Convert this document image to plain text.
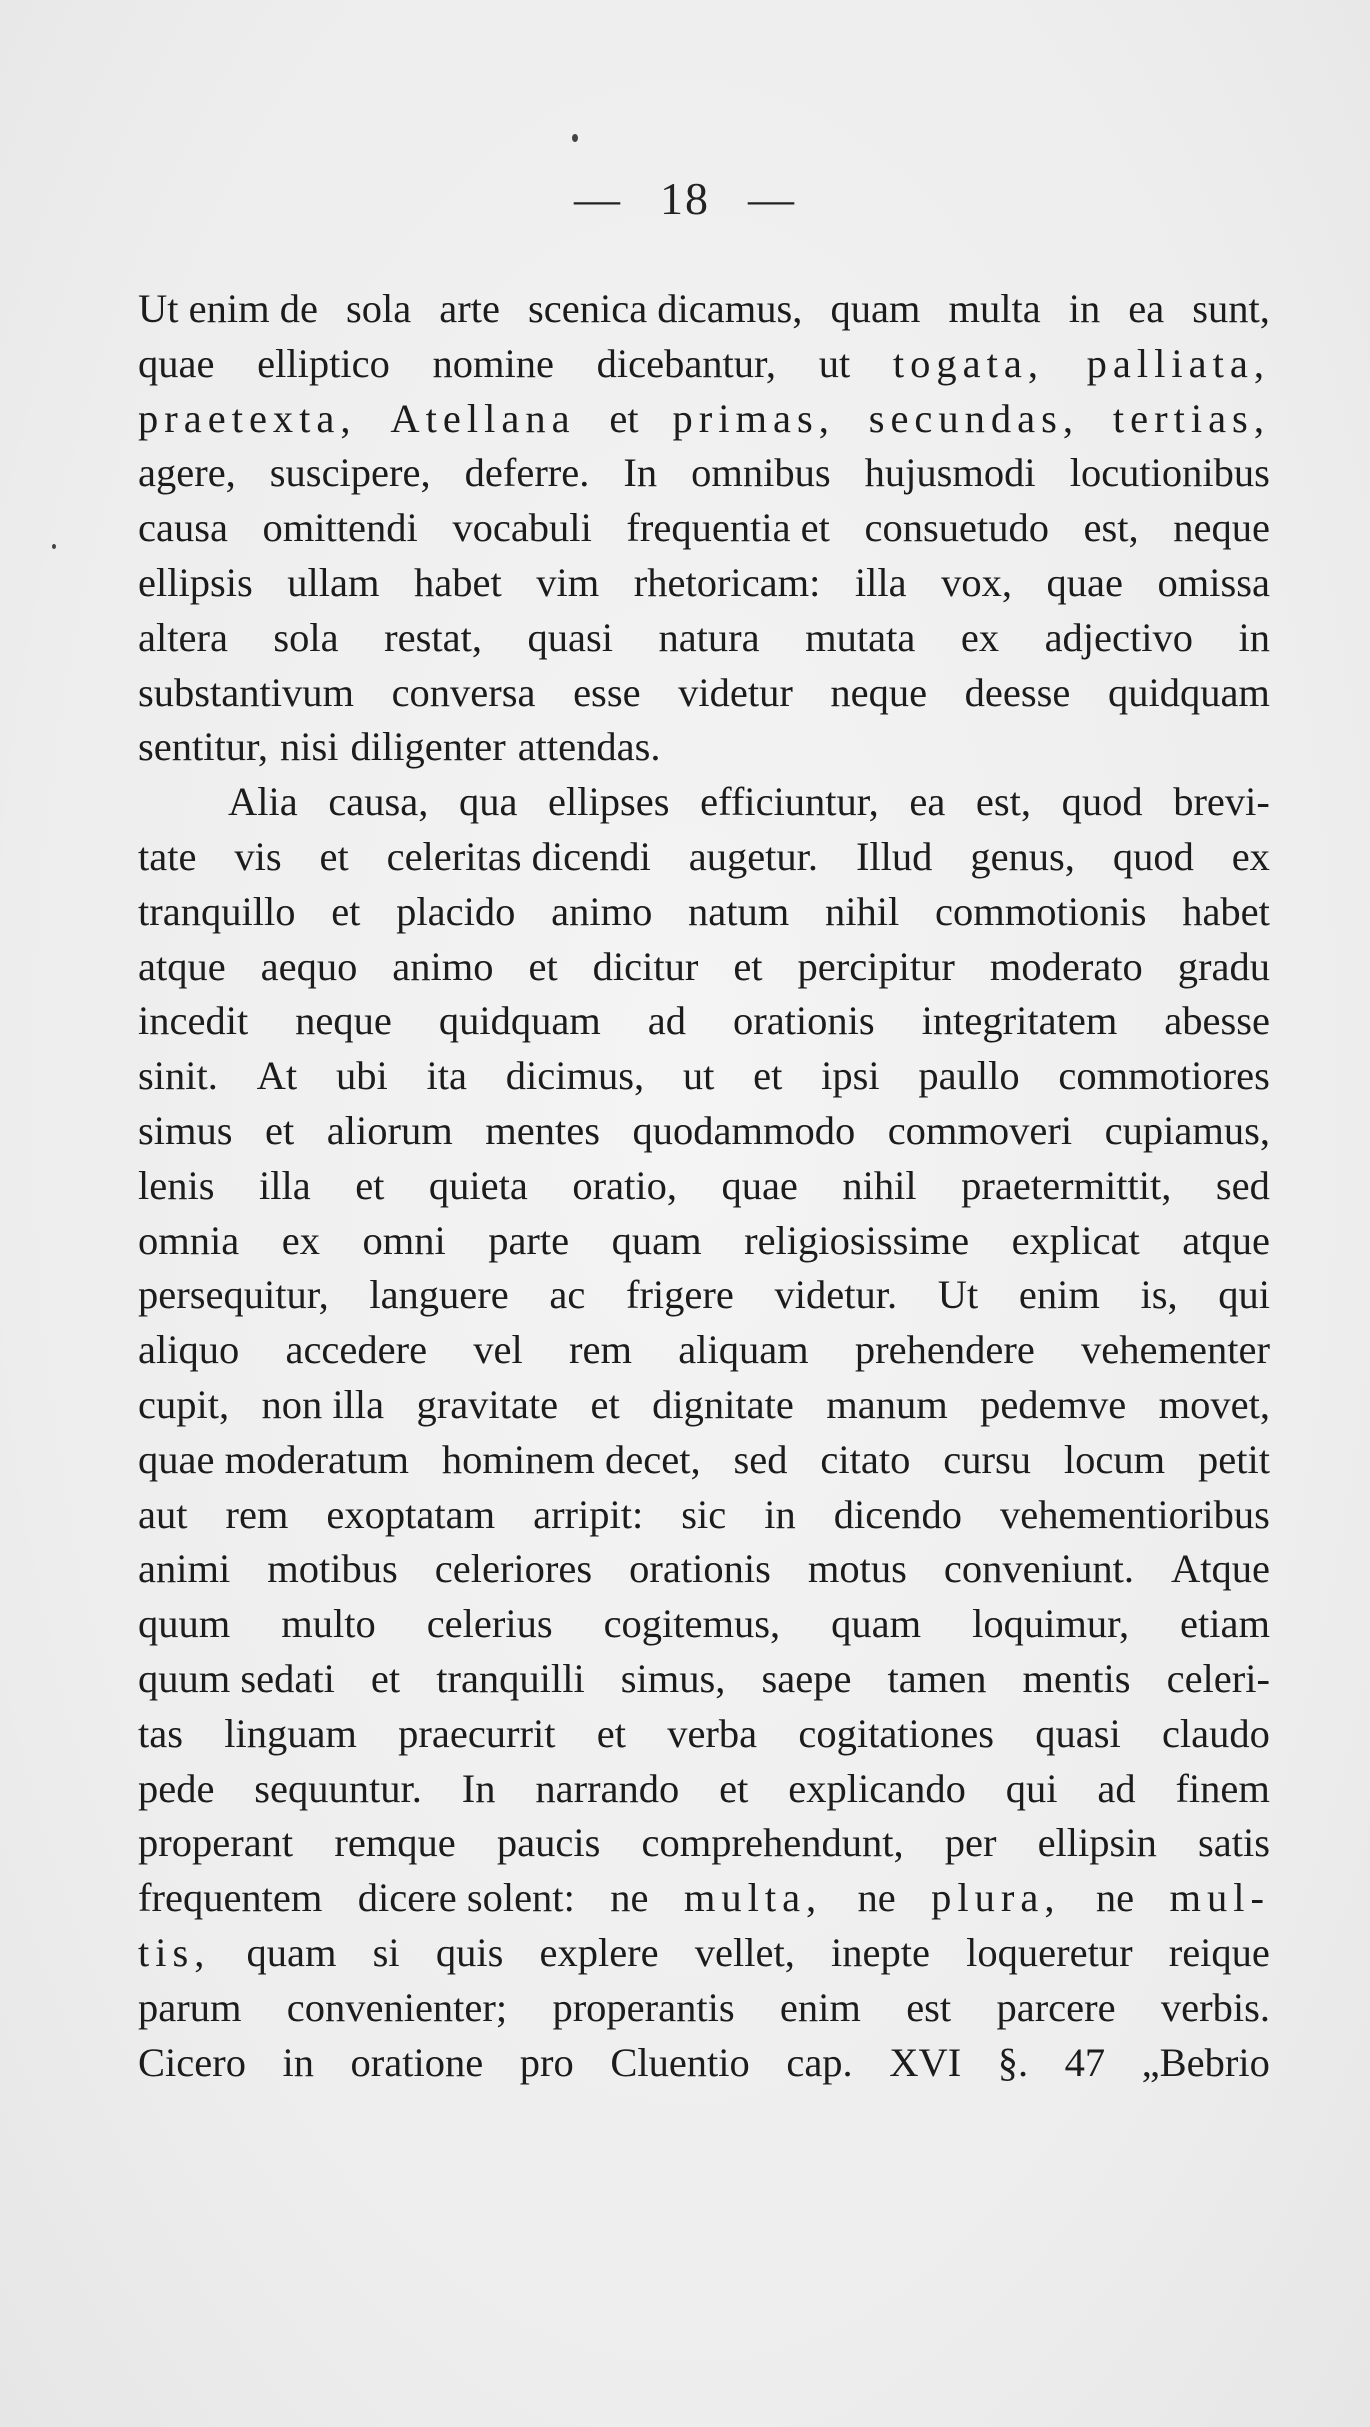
— 18 —
Ut enim de sola arte scenica dicamus, quam multa in ea sunt,
quae elliptico nomine dicebantur, ut togata, palliata,
praetexta, Atellana et primas, secundas, tertias,
agere, suscipere, deferre. In omnibus hujusmodi locutionibus
causa omittendi vocabuli frequentia et consuetudo est, neque
ellipsis ullam habet vim rhetoricam: illa vox, quae omissa
altera sola restat, quasi natura mutata ex adjectivo in
substantivum conversa esse videtur neque deesse quidquam
sentitur, nisi diligenter attendas.
Alia causa, qua ellipses efficiuntur, ea est, quod brevi-
tate vis et celeritas dicendi augetur. Illud genus, quod ex
tranquillo et placido animo natum nihil commotionis habet
atque aequo animo et dicitur et percipitur moderato gradu
incedit neque quidquam ad orationis integritatem abesse
sinit. At ubi ita dicimus, ut et ipsi paullo commotiores
simus et aliorum mentes quodammodo commoveri cupiamus,
lenis illa et quieta oratio, quae nihil praetermittit, sed
omnia ex omni parte quam religiosissime explicat atque
persequitur, languere ac frigere videtur. Ut enim is, qui
aliquo accedere vel rem aliquam prehendere vehementer
cupit, non illa gravitate et dignitate manum pedemve movet,
quae moderatum hominem decet, sed citato cursu locum petit
aut rem exoptatam arripit: sic in dicendo vehementioribus
animi motibus celeriores orationis motus conveniunt. Atque
quum multo celerius cogitemus, quam loquimur, etiam
quum sedati et tranquilli simus, saepe tamen mentis celeri-
tas linguam praecurrit et verba cogitationes quasi claudo
pede sequuntur. In narrando et explicando qui ad finem
properant remque paucis comprehendunt, per ellipsin satis
frequentem dicere solent: ne multa, ne plura, ne mul-
tis, quam si quis explere vellet, inepte loqueretur reique
parum convenienter; properantis enim est parcere verbis.
Cicero in oratione pro Cluentio cap. XVI §. 47 „Bebrio
